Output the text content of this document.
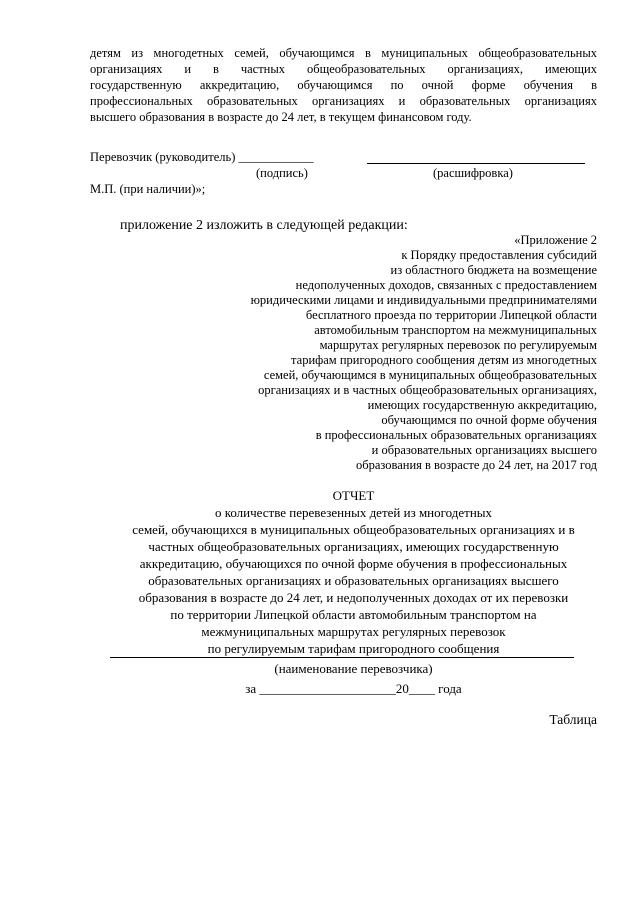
детям из многодетных семей, обучающимся в муниципальных общеобразовательных
организациях и в частных общеобразовательных организациях, имеющих
государственную аккредитацию, обучающимся по очной форме обучения в
профессиональных образовательных организациях и образовательных организациях
высшего образования в возрасте до 24 лет, в текущем финансовом году.
Перевозчик (руководитель) ____________
(подпись)	(расшифровка)
М.П. (при наличии)»;
приложение 2 изложить в следующей редакции:
«Приложение 2
к Порядку предоставления субсидий
из областного бюджета на возмещение
недополученных доходов, связанных с предоставлением
юридическими лицами и индивидуальными предпринимателями
бесплатного проезда по территории Липецкой области
автомобильным транспортом на межмуниципальных
маршрутах регулярных перевозок по регулируемым
тарифам пригородного сообщения детям из многодетных
семей, обучающимся в муниципальных общеобразовательных
организациях и в частных общеобразовательных организациях,
имеющих государственную аккредитацию,
обучающимся по очной форме обучения
в профессиональных образовательных организациях
и образовательных организациях высшего
образования в возрасте до 24 лет, на 2017 год
ОТЧЕТ
о количестве перевезенных детей из многодетных
семей, обучающихся в муниципальных общеобразовательных организациях и в
частных общеобразовательных организациях, имеющих государственную
аккредитацию, обучающихся по очной форме обучения в профессиональных
образовательных организациях и образовательных организациях высшего
образования в возрасте до 24 лет, и недополученных доходах от их перевозки
по территории Липецкой области автомобильным транспортом на
межмуниципальных маршрутах регулярных перевозок
по регулируемым тарифам пригородного сообщения
(наименование перевозчика)
за _____________________20____ года
Таблица
